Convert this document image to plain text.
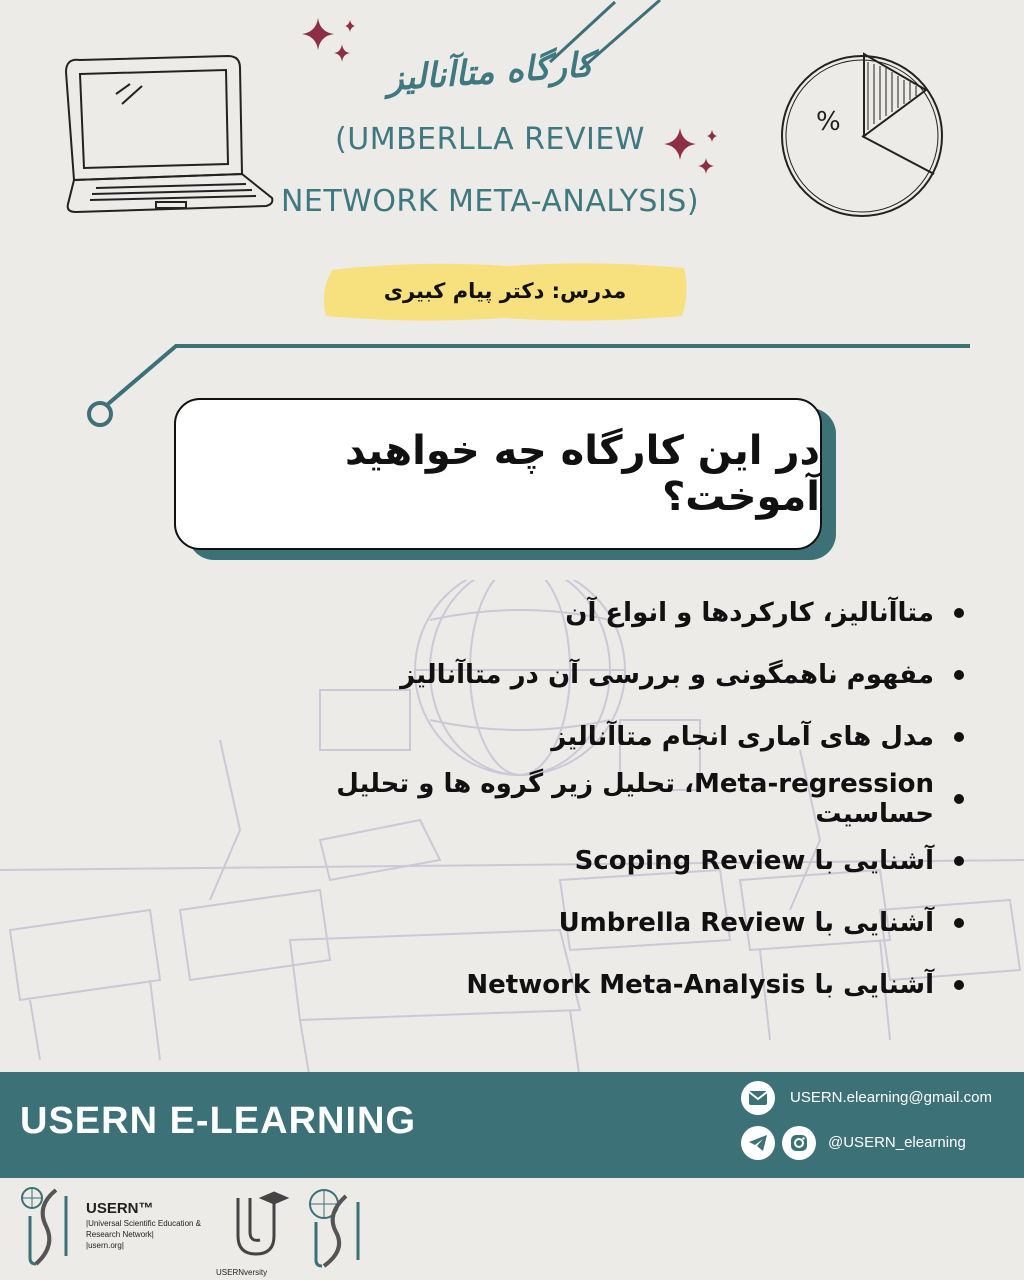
%
کارگاه متاآنالیز
(UMBERLLA REVIEW
NETWORK META-ANALYSIS)
مدرس: دکتر پیام کبیری
در این کارگاه چه خواهید آموخت؟
متاآنالیز، کارکردها و انواع آن
مفهوم ناهمگونی و بررسی آن در متاآنالیز
مدل های آماری انجام متاآنالیز
Meta-regression، تحلیل زیر گروه ها و تحلیل حساسیت
آشنایی با Scoping Review
آشنایی با Umbrella Review
آشنایی با Network Meta-Analysis
USERN E-LEARNING
USERN.elearning@gmail.com
@USERN_elearning
USERN™
|Universal Scientific Education &
Research Network|
|usern.org|
USERNversity
